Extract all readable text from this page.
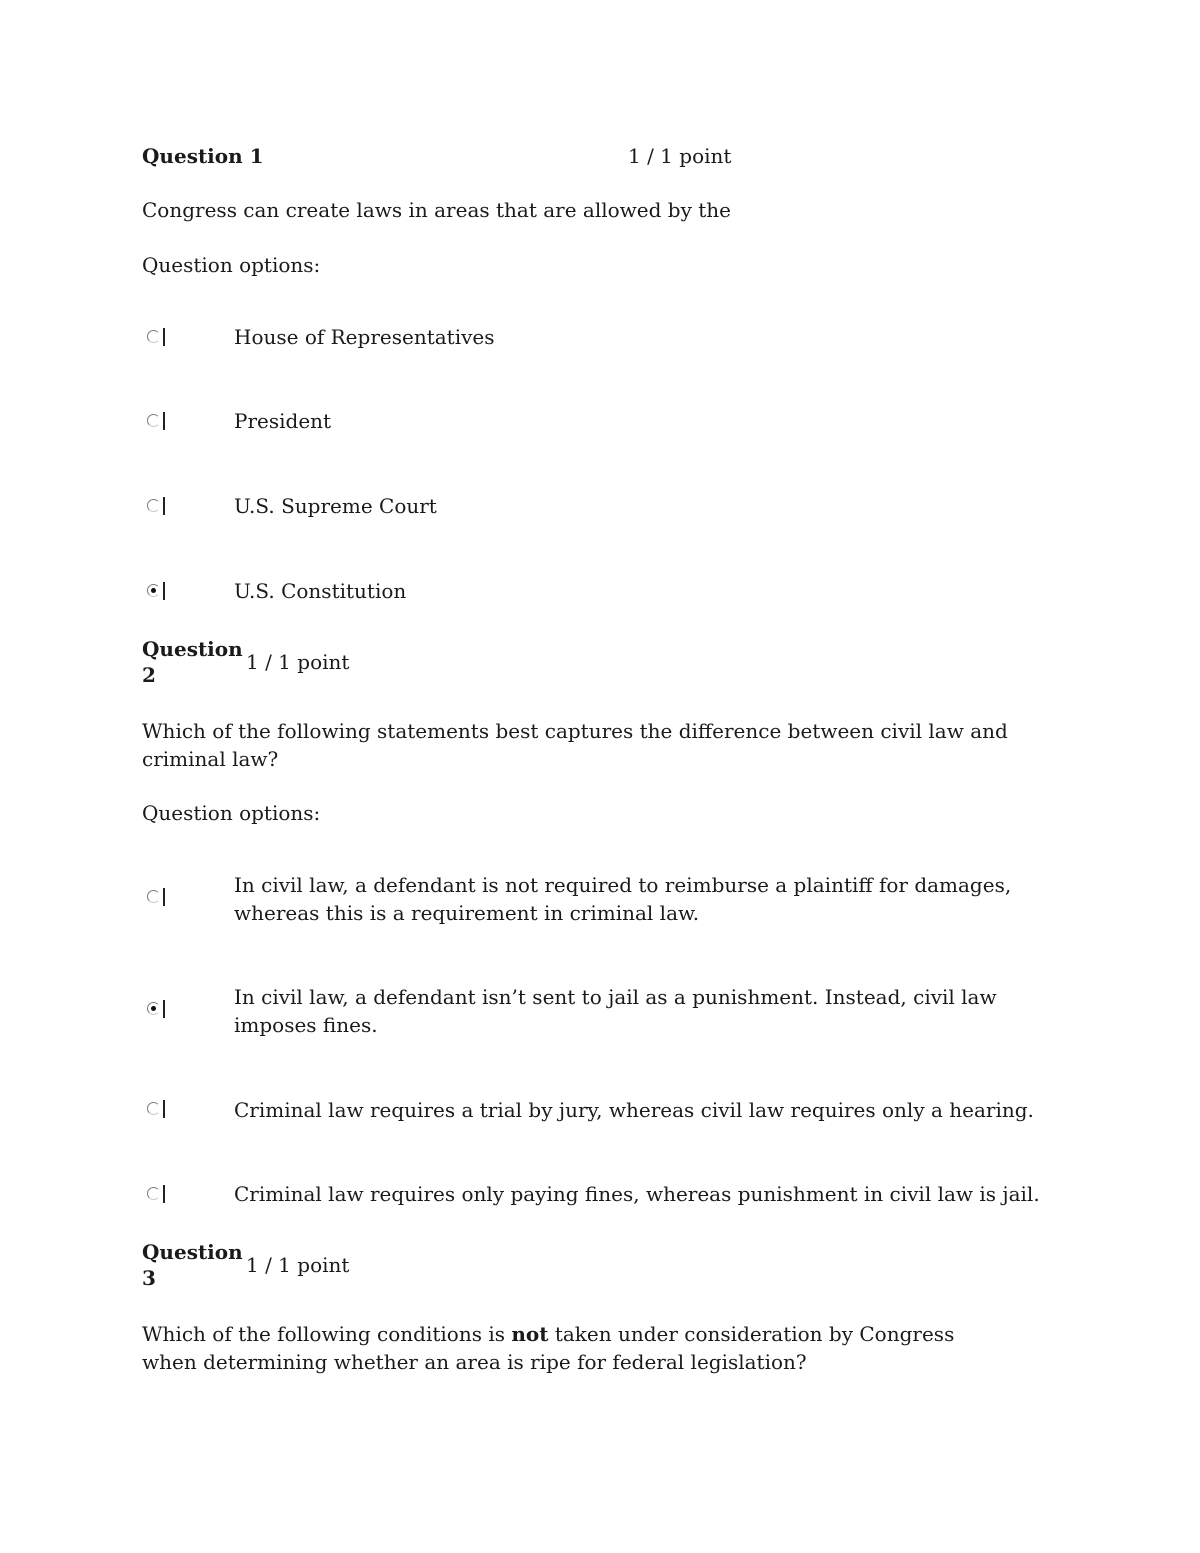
Question 1	1 / 1 point
Congress can create laws in areas that are allowed by the
Question options:
House of Representatives
President
U.S. Supreme Court
U.S. Constitution
Question
2
1 / 1 point
Which of the following statements best captures the difference between civil law and criminal law?
Question options:
In civil law, a defendant is not required to reimburse a plaintiff for damages, whereas this is a requirement in criminal law.
In civil law, a defendant isn’t sent to jail as a punishment. Instead, civil law imposes fines.
Criminal law requires a trial by jury, whereas civil law requires only a hearing.
Criminal law requires only paying fines, whereas punishment in civil law is jail.
Question
3
1 / 1 point
Which of the following conditions is not taken under consideration by Congress when determining whether an area is ripe for federal legislation?
